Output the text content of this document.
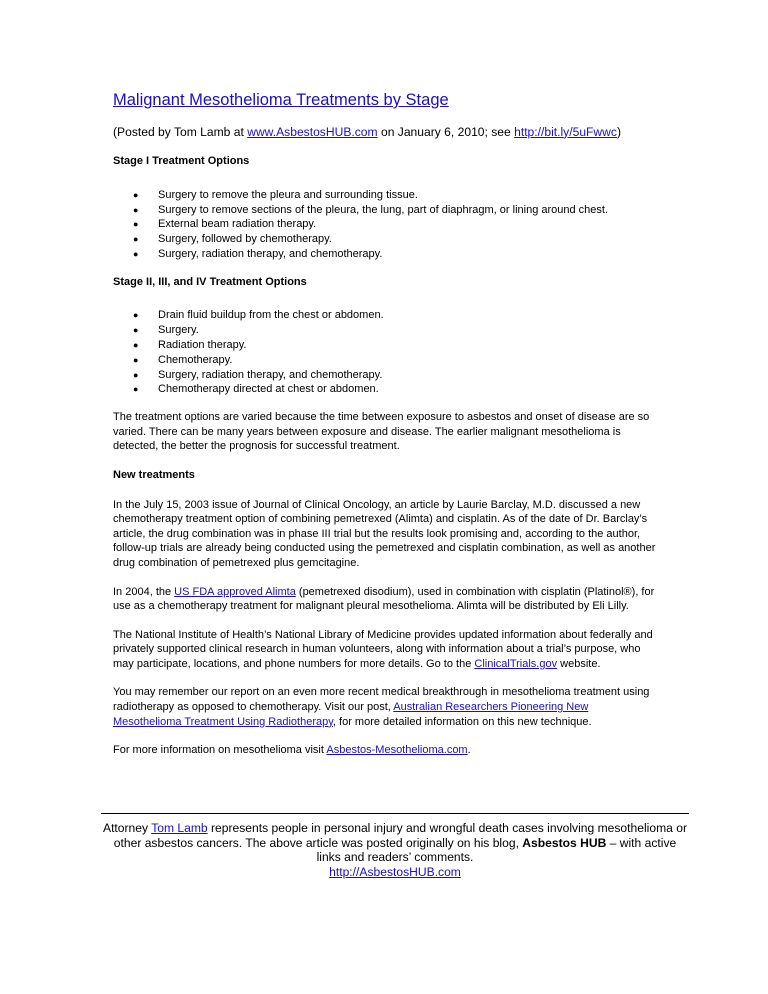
Malignant Mesothelioma Treatments by Stage

(Posted by Tom Lamb at www.AsbestosHUB.com on January 6, 2010; see http://bit.ly/5uFwwc)

Stage I Treatment Options

● Surgery to remove the pleura and surrounding tissue.
● Surgery to remove sections of the pleura, the lung, part of diaphragm, or lining around chest.
● External beam radiation therapy.
● Surgery, followed by chemotherapy.
● Surgery, radiation therapy, and chemotherapy.

Stage II, III, and IV Treatment Options

● Drain fluid buildup from the chest or abdomen.
● Surgery.
● Radiation therapy.
● Chemotherapy.
● Surgery, radiation therapy, and chemotherapy.
● Chemotherapy directed at chest or abdomen.

The treatment options are varied because the time between exposure to asbestos and onset of disease are so varied. There can be many years between exposure and disease. The earlier malignant mesothelioma is detected, the better the prognosis for successful treatment.

New treatments

In the July 15, 2003 issue of Journal of Clinical Oncology, an article by Laurie Barclay, M.D. discussed a new chemotherapy treatment option of combining pemetrexed (Alimta) and cisplatin. As of the date of Dr. Barclay’s article, the drug combination was in phase III trial but the results look promising and, according to the author, follow-up trials are already being conducted using the pemetrexed and cisplatin combination, as well as another drug combination of pemetrexed plus gemcitagine.

In 2004, the US FDA approved Alimta (pemetrexed disodium), used in combination with cisplatin (Platinol®), for use as a chemotherapy treatment for malignant pleural mesothelioma. Alimta will be distributed by Eli Lilly.

The National Institute of Health’s National Library of Medicine provides updated information about federally and privately supported clinical research in human volunteers, along with information about a trial’s purpose, who may participate, locations, and phone numbers for more details. Go to the ClinicalTrials.gov website.

You may remember our report on an even more recent medical breakthrough in mesothelioma treatment using radiotherapy as opposed to chemotherapy. Visit our post, Australian Researchers Pioneering New Mesothelioma Treatment Using Radiotherapy, for more detailed information on this new technique.

For more information on mesothelioma visit Asbestos-Mesothelioma.com.

Attorney Tom Lamb represents people in personal injury and wrongful death cases involving mesothelioma or other asbestos cancers. The above article was posted originally on his blog, Asbestos HUB – with active links and readers’ comments.
http://AsbestosHUB.com
